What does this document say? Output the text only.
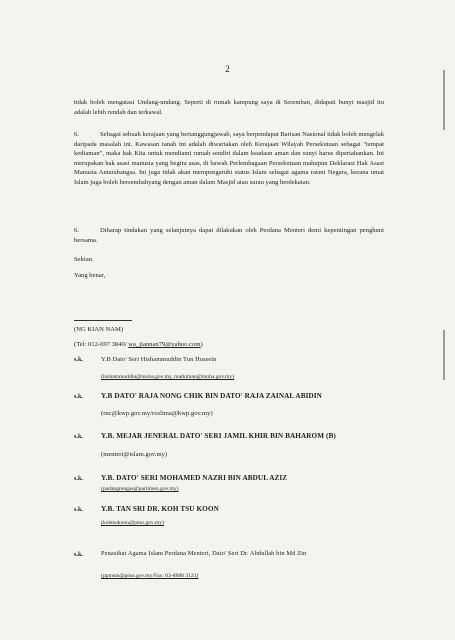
2
tidak boleh mengatasi Undang-undang. Seperti di rumah kampung saya di Seremban, didapati bunyi masjid itu adalah lebih rendah dan terkawal.
6.	Sebagai sebuah kerajaan yang bertanggungjawab, saya berpendapat Barisan Nasional tidak boleh mengelak daripada masalah ini. Kawasan tanah ini adalah diwartakan oleh Kerajaan Wilayah Persekutuan sebagai "tempat kediaman", maka hak Kita untuk mendiami rumah sendiri dalam keadaan aman dan sunyi harus dipertahankan. Ini merupakan hak asasi manusia yang begitu asas, di bawah Perlembagaan Persekutuan mahupun Deklarasi Hak Asasi Manusia Antarabangsa. Ini juga tidak akan mempengaruhi status Islam sebagai agama rasmi Negara, kerana umat Islam juga boleh bersembahyang dengan aman dalam Masjid atau surau yang berdekatan.
6.	Diharap tindakan yang selanjutnya dapat dilakukan oleh Perdana Menteri demi kepentingan penghuni bersama.
Sekian.
Yang benar,
(NG KIAN NAM)
(Tel: 012-697 3840/ wa_jiannan79@yahoo.com)
s.k.	Y.B Dato' Seri Hishammuddin Tun Hussein
(hishammuddin@moha.gov.my, markiman@moha.gov.my)
s.k.	Y.B DATO' RAJA NONG CHIK BIN DATO' RAJA ZAINAL ABIDIN
(rnc@kwp.gov.my/roslima@kwp.gov.my)
s.k.	Y.B. MEJAR JENERAL DATO' SERI JAMIL KHIR BIN BAHAROM (B)
(menteri@islam.gov.my)
s.k.	Y.B. DATO' SERI MOHAMED NAZRI BIN ABDUL AZIZ
(padangrengas@parlimen.gov.my)
s.k.	Y.B. TAN SRI DR. KOH TSU KOON
(kohtsukoon@pmo.gov.my)
s.k.	Penasihat Agama Islam Perdana Menteri, Dato' Seri Dr. Abdullah bin Md Zin
(ppmsm@pmo.gov.my/Fax: 03-8888 3121)
